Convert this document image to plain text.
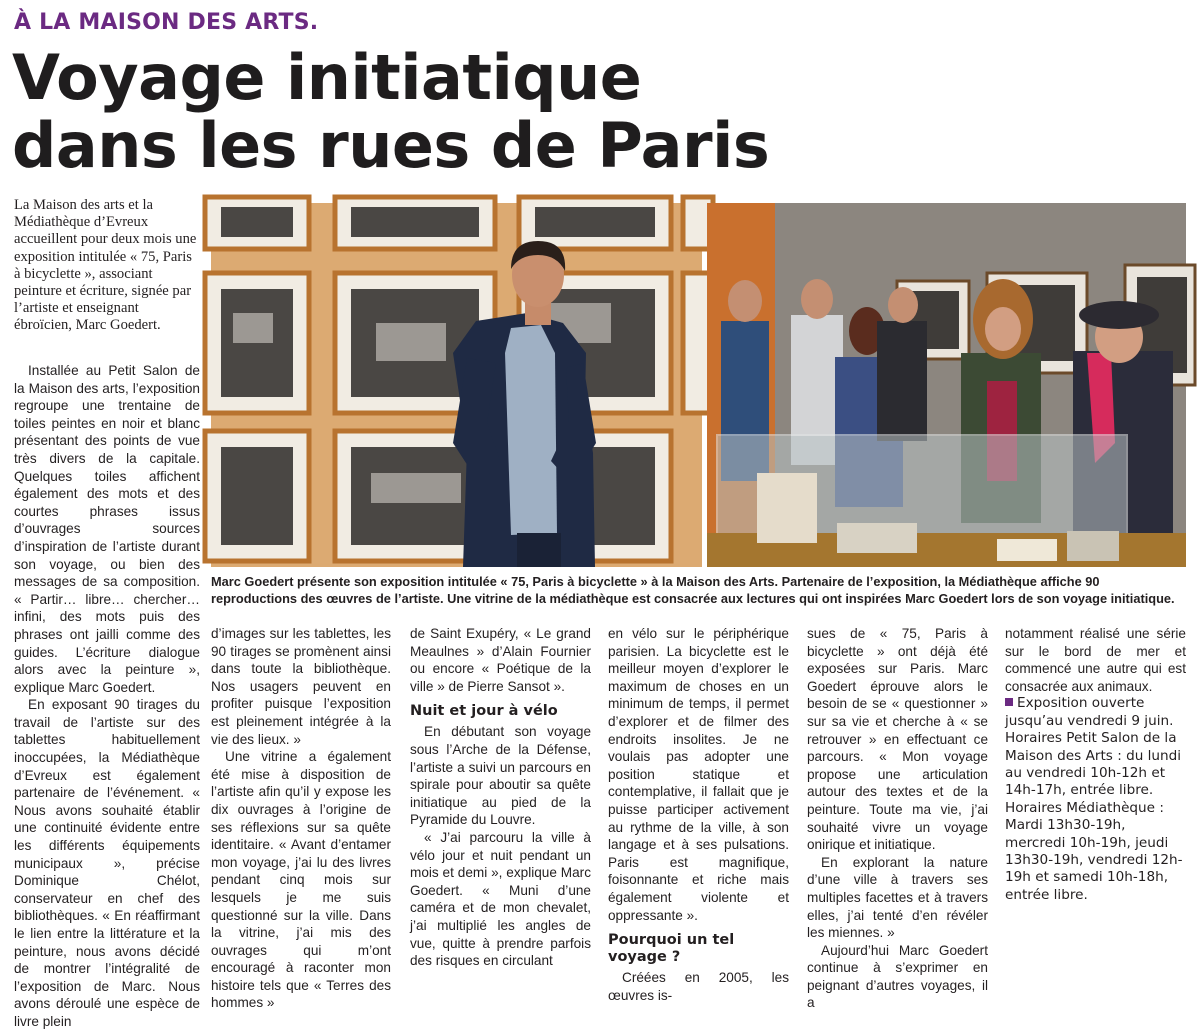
À LA MAISON DES ARTS.
Voyage initiatique
dans les rues de Paris

La Maison des arts et la Médiathèque d’Evreux accueillent pour deux mois une exposition intitulée « 75, Paris à bicyclette », associant peinture et écriture, signée par l’artiste et enseignant ébroïcien, Marc Goedert.

Marc Goedert présente son exposition intitulée « 75, Paris à bicyclette » à la Maison des Arts. Partenaire de l’exposition, la Médiathèque affiche 90 reproductions des œuvres de l’artiste. Une vitrine de la médiathèque est consacrée aux lectures qui ont inspirées Marc Goedert lors de son voyage initiatique.

Installée au Petit Salon de la Maison des arts, l’exposition regroupe une trentaine de toiles peintes en noir et blanc présentant des points de vue très divers de la capitale. Quelques toiles affichent également des mots et des courtes phrases issus d’ouvrages sources d’inspiration de l’artiste durant son voyage, ou bien des messages de sa composition. « Partir… libre… chercher… infini, des mots puis des phrases ont jailli comme des guides. L’écriture dialogue alors avec la peinture », explique Marc Goedert.

En exposant 90 tirages du travail de l’artiste sur des tablettes habituellement inoccupées, la Médiathèque d’Evreux est également partenaire de l’événement. « Nous avons souhaité établir une continuité évidente entre les différents équipements municipaux », précise Dominique Chélot, conservateur en chef des bibliothèques. « En réaffirmant le lien entre la littérature et la peinture, nous avons décidé de montrer l’intégralité de l’exposition de Marc. Nous avons déroulé une espèce de livre plein

d’images sur les tablettes, les 90 tirages se promènent ainsi dans toute la bibliothèque. Nos usagers peuvent en profiter puisque l’exposition est pleinement intégrée à la vie des lieux. »

Une vitrine a également été mise à disposition de l’artiste afin qu’il y expose les dix ouvrages à l’origine de ses réflexions sur sa quête identitaire. « Avant d’entamer mon voyage, j’ai lu des livres pendant cinq mois sur lesquels je me suis questionné sur la ville. Dans la vitrine, j’ai mis des ouvrages qui m’ont encouragé à raconter mon histoire tels que « Terres des hommes »

de Saint Exupéry, « Le grand Meaulnes » d’Alain Fournier ou encore « Poétique de la ville » de Pierre Sansot ».

Nuit et jour à vélo

En débutant son voyage sous l’Arche de la Défense, l’artiste a suivi un parcours en spirale pour aboutir sa quête initiatique au pied de la Pyramide du Louvre.

« J’ai parcouru la ville à vélo jour et nuit pendant un mois et demi », explique Marc Goedert. « Muni d’une caméra et de mon chevalet, j’ai multiplié les angles de vue, quitte à prendre parfois des risques en circulant

en vélo sur le périphérique parisien. La bicyclette est le meilleur moyen d’explorer le maximum de choses en un minimum de temps, il permet d’explorer et de filmer des endroits insolites. Je ne voulais pas adopter une position statique et contemplative, il fallait que je puisse participer activement au rythme de la ville, à son langage et à ses pulsations. Paris est magnifique, foisonnante et riche mais également violente et oppressante ».

Pourquoi un tel voyage ?

Créées en 2005, les œuvres is-

sues de « 75, Paris à bicyclette » ont déjà été exposées sur Paris. Marc Goedert éprouve alors le besoin de se « questionner » sur sa vie et cherche à « se retrouver » en effectuant ce parcours. « Mon voyage propose une articulation autour des textes et de la peinture. Toute ma vie, j’ai souhaité vivre un voyage onirique et initiatique.

En explorant la nature d’une ville à travers ses multiples facettes et à travers elles, j’ai tenté d’en révéler les miennes. »

Aujourd’hui Marc Goedert continue à s’exprimer en peignant d’autres voyages, il a

notamment réalisé une série sur le bord de mer et commencé une autre qui est consacrée aux animaux.

Exposition ouverte jusqu’au vendredi 9 juin. Horaires Petit Salon de la Maison des Arts : du lundi au vendredi 10h-12h et 14h-17h, entrée libre. Horaires Médiathèque : Mardi 13h30-19h, mercredi 10h-19h, jeudi 13h30-19h, vendredi 12h-19h et samedi 10h-18h, entrée libre.
